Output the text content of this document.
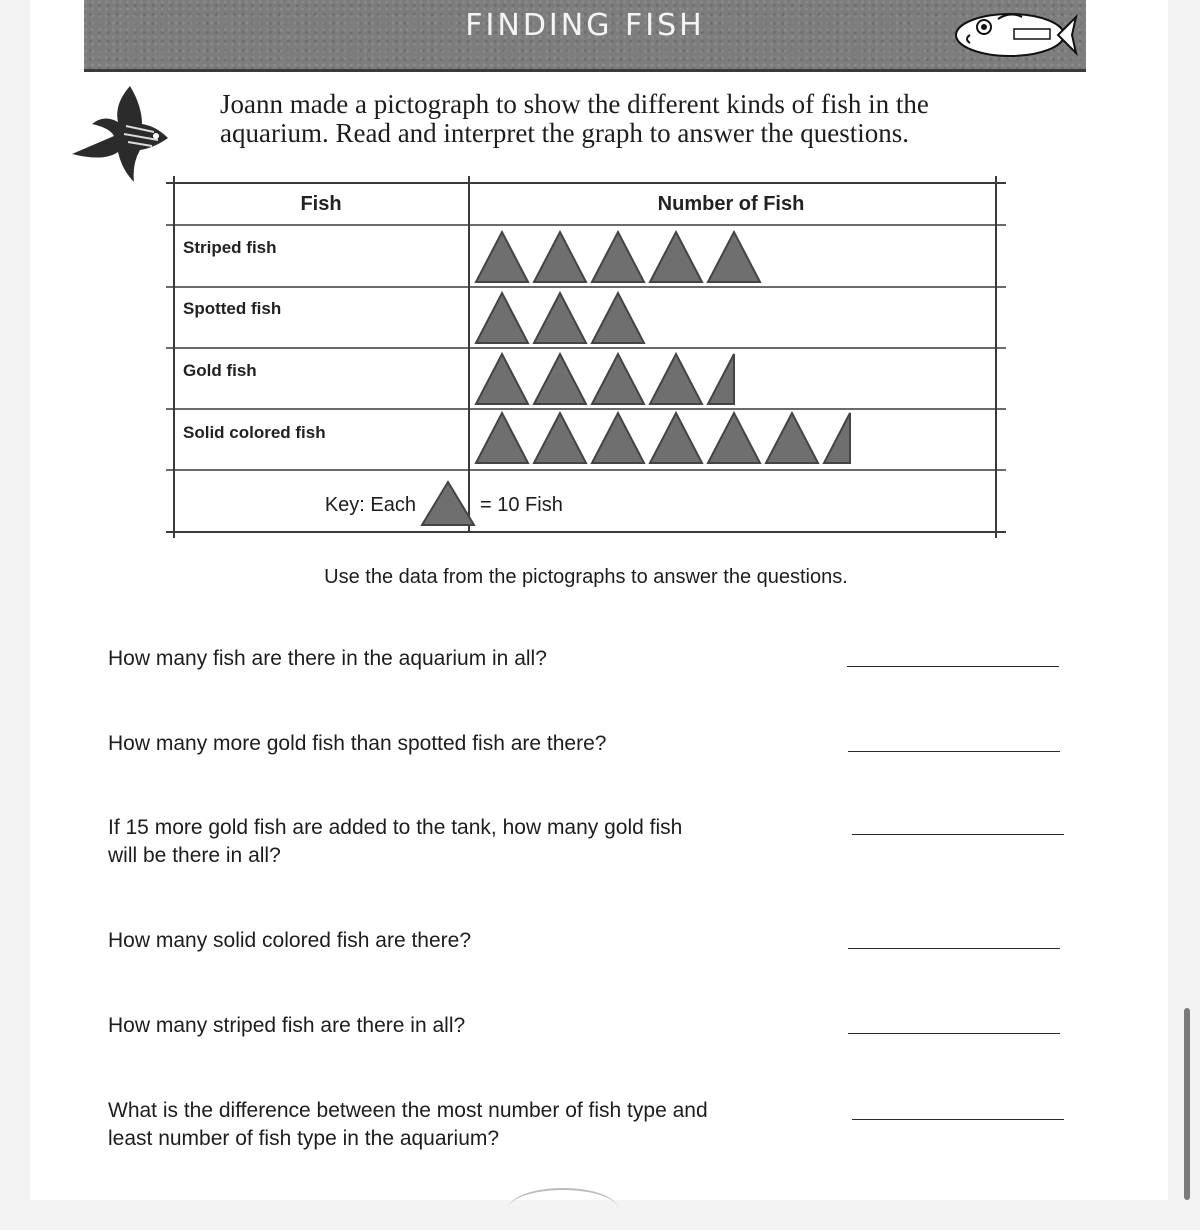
FINDING FISH
Joann made a pictograph to show the different kinds of fish in the aquarium. Read and interpret the graph to answer the questions.
Fish	Number of Fish
Striped fish
Spotted fish
Gold fish
Solid colored fish
Key: Each	= 10 Fish
Use the data from the pictographs to answer the questions.
How many fish are there in the aquarium in all?
How many more gold fish than spotted fish are there?
If 15 more gold fish are added to the tank, how many gold fish will be there in all?
How many solid colored fish are there?
How many striped fish are there in all?
What is the difference between the most number of fish type and least number of fish type in the aquarium?
